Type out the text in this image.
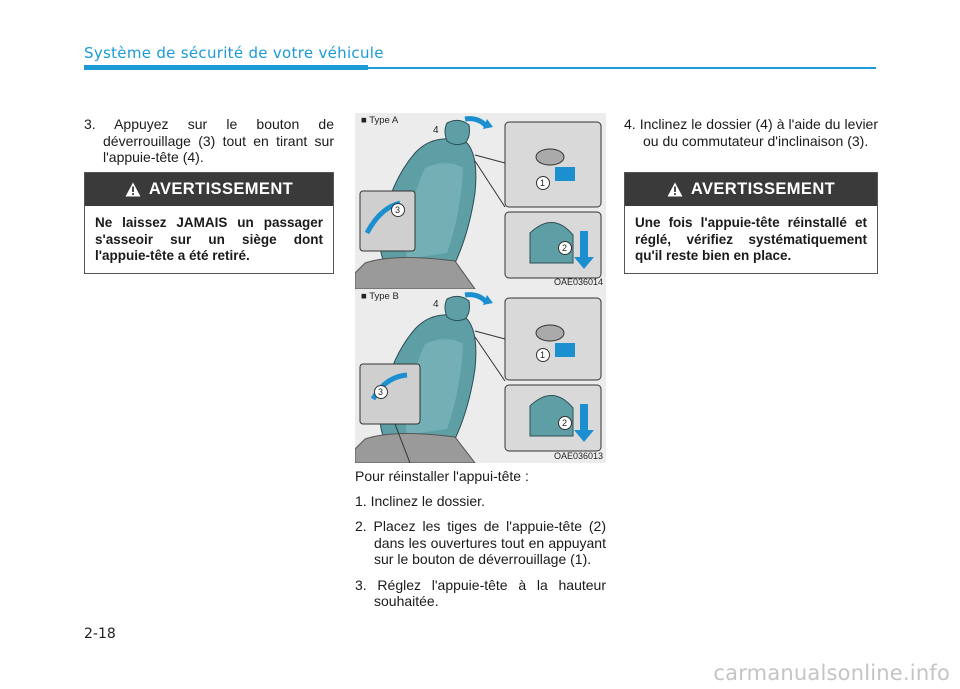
Système de sécurité de votre véhicule

3. Appuyez sur le bouton de déverrouillage (3) tout en tirant sur l'appuie-tête (4).

AVERTISSEMENT
Ne laissez JAMAIS un passager s'asseoir sur un siège dont l'appuie-tête a été retiré.
4
3
1
2
■ Type A
OAE036014
4
3
1
2
■ Type B
OAE036013

Pour réinstaller l'appui-tête :

1. Inclinez le dossier.

2. Placez les tiges de l'appuie-tête (2) dans les ouvertures tout en appuyant sur le bouton de déverrouillage (1).

3. Réglez l'appuie-tête à la hauteur souhaitée.

4. Inclinez le dossier (4) à l'aide du levier ou du commutateur d'inclinaison (3).

AVERTISSEMENT
Une fois l'appuie-tête réinstallé et réglé, vérifiez systématiquement qu'il reste bien en place.
2-18
carmanualsonline.info
